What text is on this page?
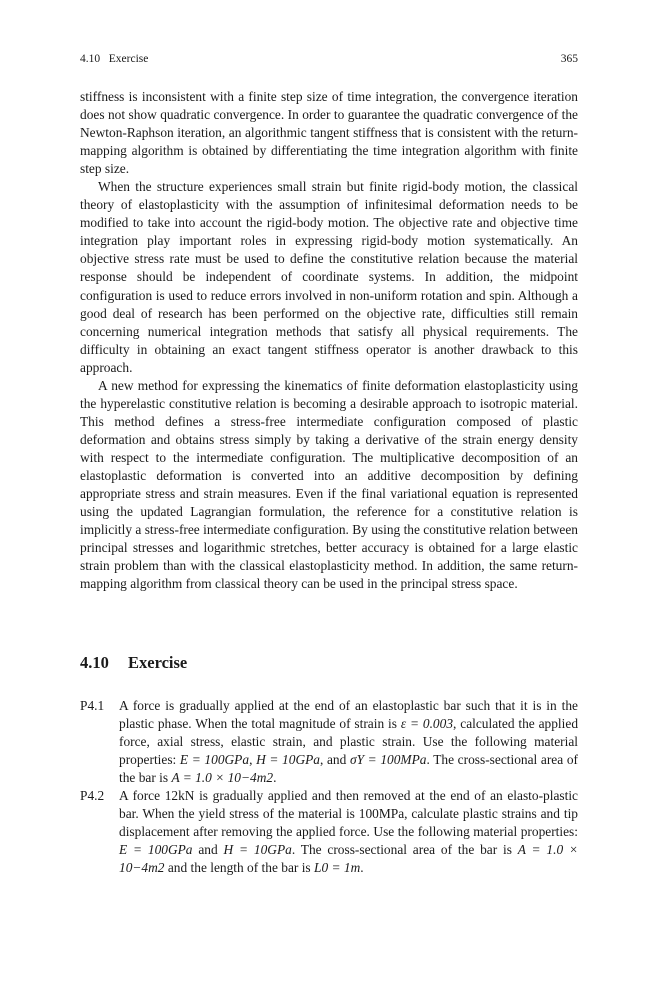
4.10   Exercise	365

stiffness is inconsistent with a finite step size of time integration, the convergence iteration does not show quadratic convergence. In order to guarantee the quadratic convergence of the Newton-Raphson iteration, an algorithmic tangent stiffness that is consistent with the return-mapping algorithm is obtained by differentiating the time integration algorithm with finite step size.

When the structure experiences small strain but finite rigid-body motion, the classical theory of elastoplasticity with the assumption of infinitesimal deformation needs to be modified to take into account the rigid-body motion. The objective rate and objective time integration play important roles in expressing rigid-body motion systematically. An objective stress rate must be used to define the constitutive relation because the material response should be independent of coordinate systems. In addition, the midpoint configuration is used to reduce errors involved in non-uniform rotation and spin. Although a good deal of research has been performed on the objective rate, difficulties still remain concerning numerical integration methods that satisfy all physical requirements. The difficulty in obtaining an exact tangent stiffness operator is another drawback to this approach.

A new method for expressing the kinematics of finite deformation elastoplasticity using the hyperelastic constitutive relation is becoming a desirable approach to isotropic material. This method defines a stress-free intermediate configuration composed of plastic deformation and obtains stress simply by taking a derivative of the strain energy density with respect to the intermediate configuration. The multiplicative decomposition of an elastoplastic deformation is converted into an additive decomposition by defining appropriate stress and strain measures. Even if the final variational equation is represented using the updated Lagrangian formulation, the reference for a constitutive relation is implicitly a stress-free intermediate configuration. By using the constitutive relation between principal stresses and logarithmic stretches, better accuracy is obtained for a large elastic strain problem than with the classical elastoplasticity method. In addition, the same return-mapping algorithm from classical theory can be used in the principal stress space.

4.10 Exercise
P4.1 A force is gradually applied at the end of an elastoplastic bar such that it is in the plastic phase. When the total magnitude of strain is ε = 0.003, calculated the applied force, axial stress, elastic strain, and plastic strain. Use the following material properties: E = 100GPa, H = 10GPa, and σY = 100MPa. The cross-sectional area of the bar is A = 1.0 × 10−4m2.
P4.2 A force 12kN is gradually applied and then removed at the end of an elasto-plastic bar. When the yield stress of the material is 100MPa, calculate plastic strains and tip displacement after removing the applied force. Use the following material properties: E = 100GPa and H = 10GPa. The cross-sectional area of the bar is A = 1.0 × 10−4m2 and the length of the bar is L0 = 1m.
